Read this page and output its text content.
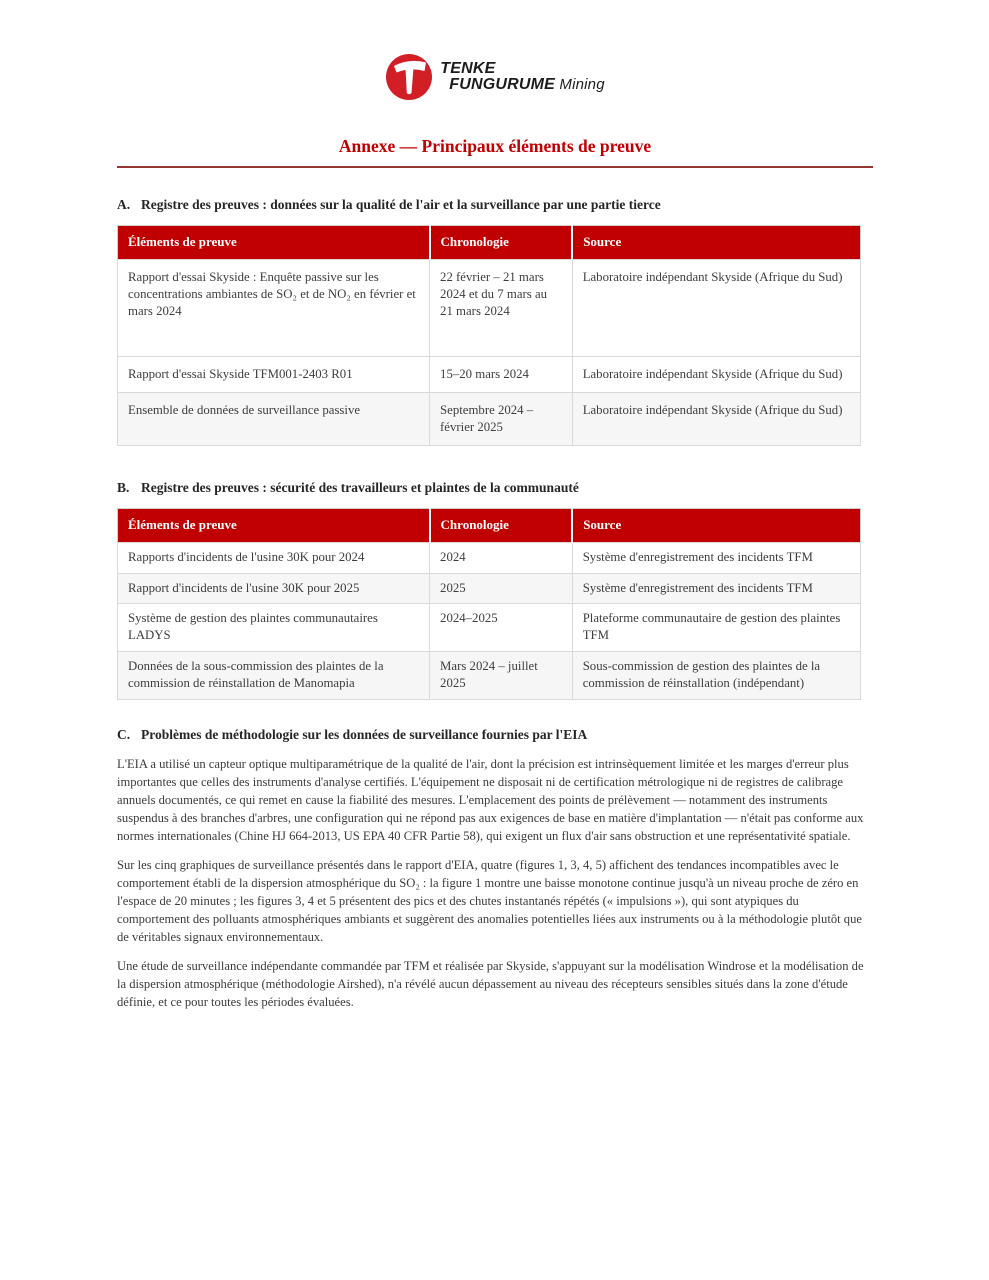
TENKE
FUNGURUME Mining
Annexe — Principaux éléments de preuve
A. Registre des preuves : données sur la qualité de l'air et la surveillance par une partie tierce
Éléments de preuve	Chronologie	Source
Rapport d'essai Skyside : Enquête passive sur les concentrations ambiantes de SO₂ et de NO₂ en février et mars 2024	22 février – 21 mars 2024 et du 7 mars au 21 mars 2024	Laboratoire indépendant Skyside (Afrique du Sud)
Rapport d'essai Skyside TFM001-2403 R01	15–20 mars 2024	Laboratoire indépendant Skyside (Afrique du Sud)
Ensemble de données de surveillance passive	Septembre 2024 – février 2025	Laboratoire indépendant Skyside (Afrique du Sud)
B. Registre des preuves : sécurité des travailleurs et plaintes de la communauté
Éléments de preuve	Chronologie	Source
Rapports d'incidents de l'usine 30K pour 2024	2024	Système d'enregistrement des incidents TFM
Rapport d'incidents de l'usine 30K pour 2025	2025	Système d'enregistrement des incidents TFM
Système de gestion des plaintes communautaires LADYS	2024–2025	Plateforme communautaire de gestion des plaintes TFM
Données de la sous-commission des plaintes de la commission de réinstallation de Manomapia	Mars 2024 – juillet 2025	Sous-commission de gestion des plaintes de la commission de réinstallation (indépendant)
C. Problèmes de méthodologie sur les données de surveillance fournies par l'EIA

L'EIA a utilisé un capteur optique multiparamétrique de la qualité de l'air, dont la précision est intrinsèquement limitée et les marges d'erreur plus importantes que celles des instruments d'analyse certifiés. L'équipement ne disposait ni de certification métrologique ni de registres de calibrage annuels documentés, ce qui remet en cause la fiabilité des mesures. L'emplacement des points de prélèvement — notamment des instruments suspendus à des branches d'arbres, une configuration qui ne répond pas aux exigences de base en matière d'implantation — n'était pas conforme aux normes internationales (Chine HJ 664-2013, US EPA 40 CFR Partie 58), qui exigent un flux d'air sans obstruction et une représentativité spatiale.

Sur les cinq graphiques de surveillance présentés dans le rapport d'EIA, quatre (figures 1, 3, 4, 5) affichent des tendances incompatibles avec le comportement établi de la dispersion atmosphérique du SO₂ : la figure 1 montre une baisse monotone continue jusqu'à un niveau proche de zéro en l'espace de 20 minutes ; les figures 3, 4 et 5 présentent des pics et des chutes instantanés répétés (« impulsions »), qui sont atypiques du comportement des polluants atmosphériques ambiants et suggèrent des anomalies potentielles liées aux instruments ou à la méthodologie plutôt que de véritables signaux environnementaux.

Une étude de surveillance indépendante commandée par TFM et réalisée par Skyside, s'appuyant sur la modélisation Windrose et la modélisation de la dispersion atmosphérique (méthodologie Airshed), n'a révélé aucun dépassement au niveau des récepteurs sensibles situés dans la zone d'étude définie, et ce pour toutes les périodes évaluées.
